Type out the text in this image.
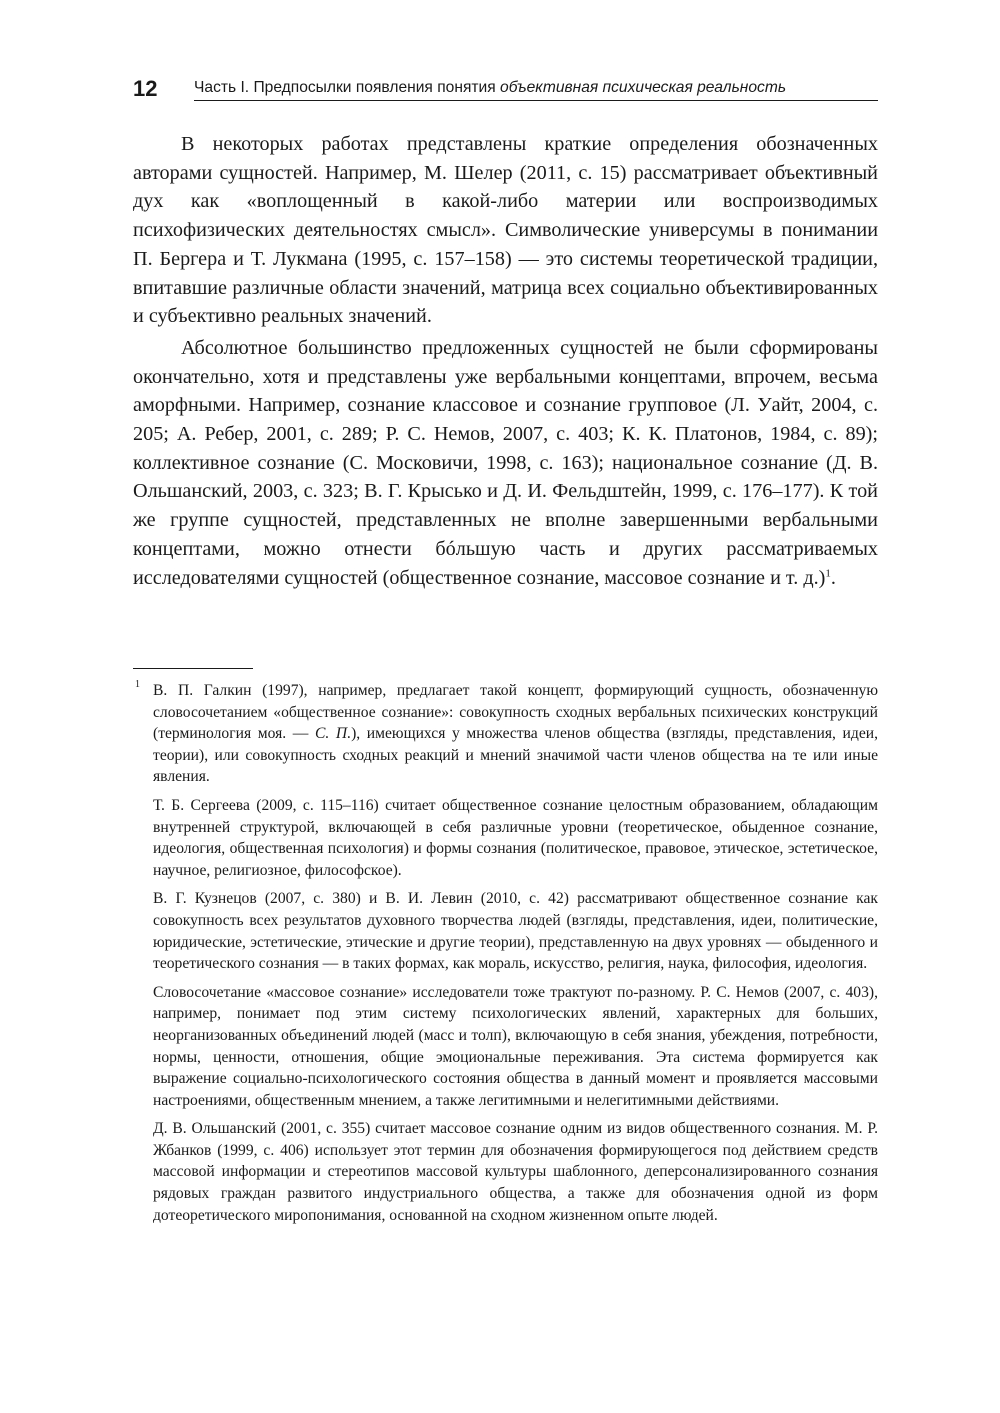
12 Часть I. Предпосылки появления понятия объективная психическая реальность

В некоторых работах представлены краткие определения обозначенных авторами сущностей. Например, М. Шелер (2011, с. 15) рассматривает объективный дух как «воплощенный в какой-либо материи или воспроизводимых психофизических деятельностях смысл». Символические универсумы в понимании П. Бергера и Т. Лукмана (1995, с. 157–158) — это системы теоретической традиции, впитавшие различные области значений, матрица всех социально объективированных и субъективно реальных значений.

Абсолютное большинство предложенных сущностей не были сформированы окончательно, хотя и представлены уже вербальными концептами, впрочем, весьма аморфными. Например, сознание классовое и сознание групповое (Л. Уайт, 2004, с. 205; А. Ребер, 2001, с. 289; Р. С. Немов, 2007, с. 403; К. К. Платонов, 1984, с. 89); коллективное сознание (С. Московичи, 1998, с. 163); национальное сознание (Д. В. Ольшанский, 2003, с. 323; В. Г. Крысько и Д. И. Фельдштейн, 1999, с. 176–177). К той же группе сущностей, представленных не вполне завершенными вербальными концептами, можно отнести бóльшую часть и других рассматриваемых исследователями сущностей (общественное сознание, массовое сознание и т. д.)$^1$.

1 В. П. Галкин (1997), например, предлагает такой концепт, формирующий сущность, обозначенную словосочетанием «общественное сознание»: совокупность сходных вербальных психических конструкций (терминология моя. — С. П.), имеющихся у множества членов общества (взгляды, представления, идеи, теории), или совокупность сходных реакций и мнений значимой части членов общества на те или иные явления.

Т. Б. Сергеева (2009, с. 115–116) считает общественное сознание целостным образованием, обладающим внутренней структурой, включающей в себя различные уровни (теоретическое, обыденное сознание, идеология, общественная психология) и формы сознания (политическое, правовое, этическое, эстетическое, научное, религиозное, философское).

В. Г. Кузнецов (2007, с. 380) и В. И. Левин (2010, с. 42) рассматривают общественное сознание как совокупность всех результатов духовного творчества людей (взгляды, представления, идеи, политические, юридические, эстетические, этические и другие теории), представленную на двух уровнях — обыденного и теоретического сознания — в таких формах, как мораль, искусство, религия, наука, философия, идеология.

Словосочетание «массовое сознание» исследователи тоже трактуют по-разному. Р. С. Немов (2007, с. 403), например, понимает под этим систему психологических явлений, характерных для больших, неорганизованных объединений людей (масс и толп), включающую в себя знания, убеждения, потребности, нормы, ценности, отношения, общие эмоциональные переживания. Эта система формируется как выражение социально-психологического состояния общества в данный момент и проявляется массовыми настроениями, общественным мнением, а также легитимными и нелегитимными действиями.

Д. В. Ольшанский (2001, с. 355) считает массовое сознание одним из видов общественного сознания. М. Р. Жбанков (1999, с. 406) использует этот термин для обозначения формирующегося под действием средств массовой информации и стереотипов массовой культуры шаблонного, деперсонализированного сознания рядовых граждан развитого индустриального общества, а также для обозначения одной из форм дотеоретического миропонимания, основанной на сходном жизненном опыте людей.
